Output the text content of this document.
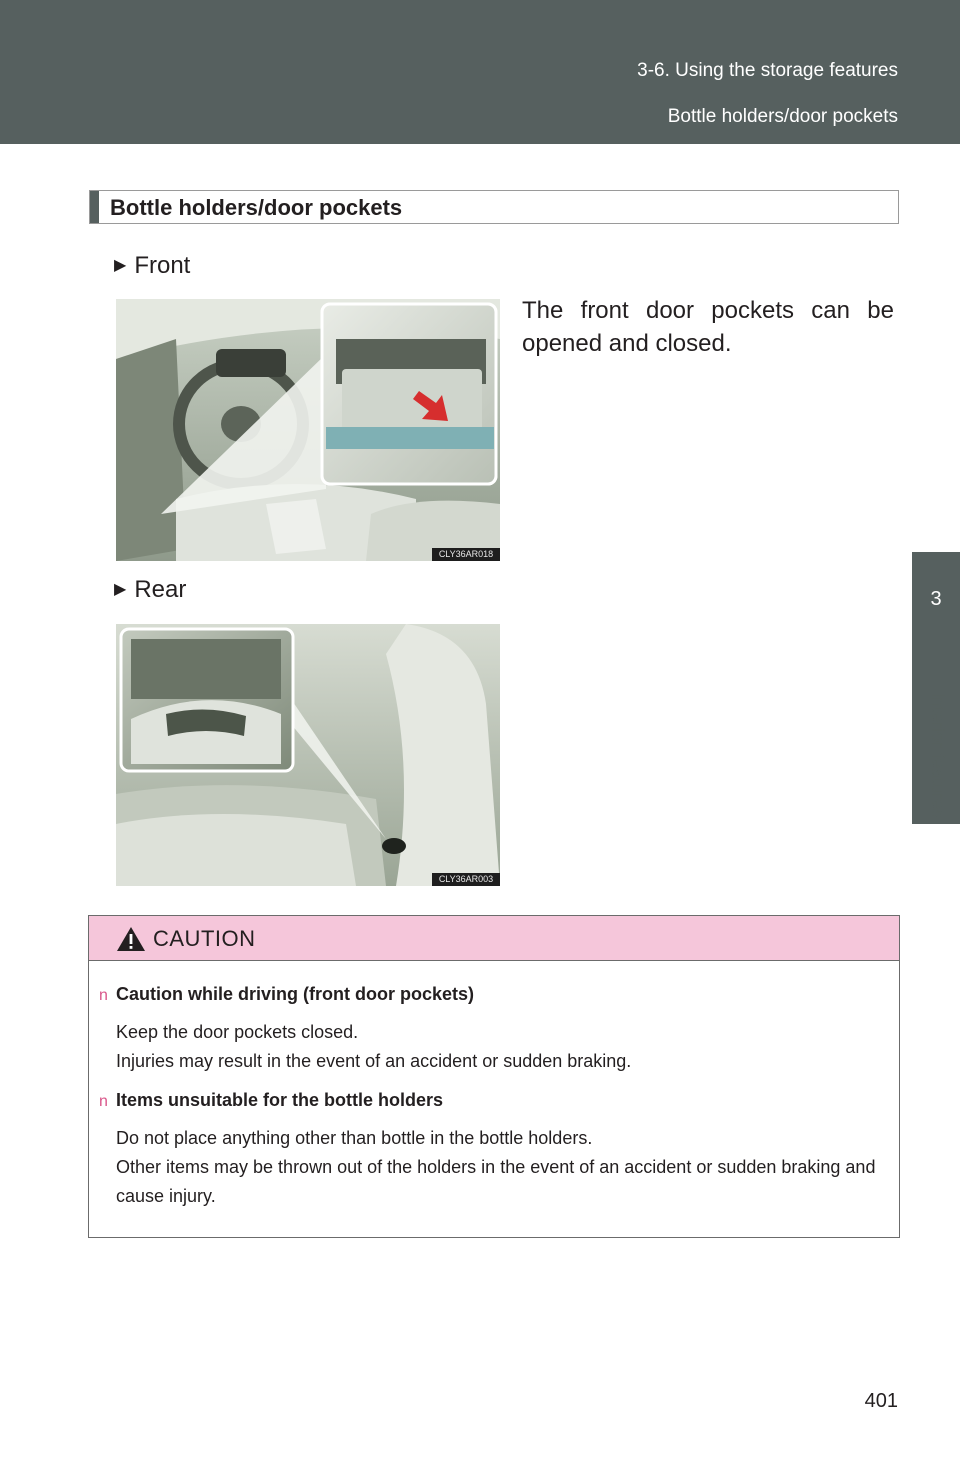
3-6. Using the storage features
Bottle holders/door pockets
3
Interior features
Bottle holders/door pockets
▶ Front
CLY36AR018
The front door pockets can be opened and closed.
▶ Rear
CLY36AR003
CAUTION
n Caution while driving (front door pockets)
Keep the door pockets closed.
Injuries may result in the event of an accident or sudden braking.
n Items unsuitable for the bottle holders
Do not place anything other than bottle in the bottle holders.
Other items may be thrown out of the holders in the event of an accident or sudden braking and cause injury.
401
